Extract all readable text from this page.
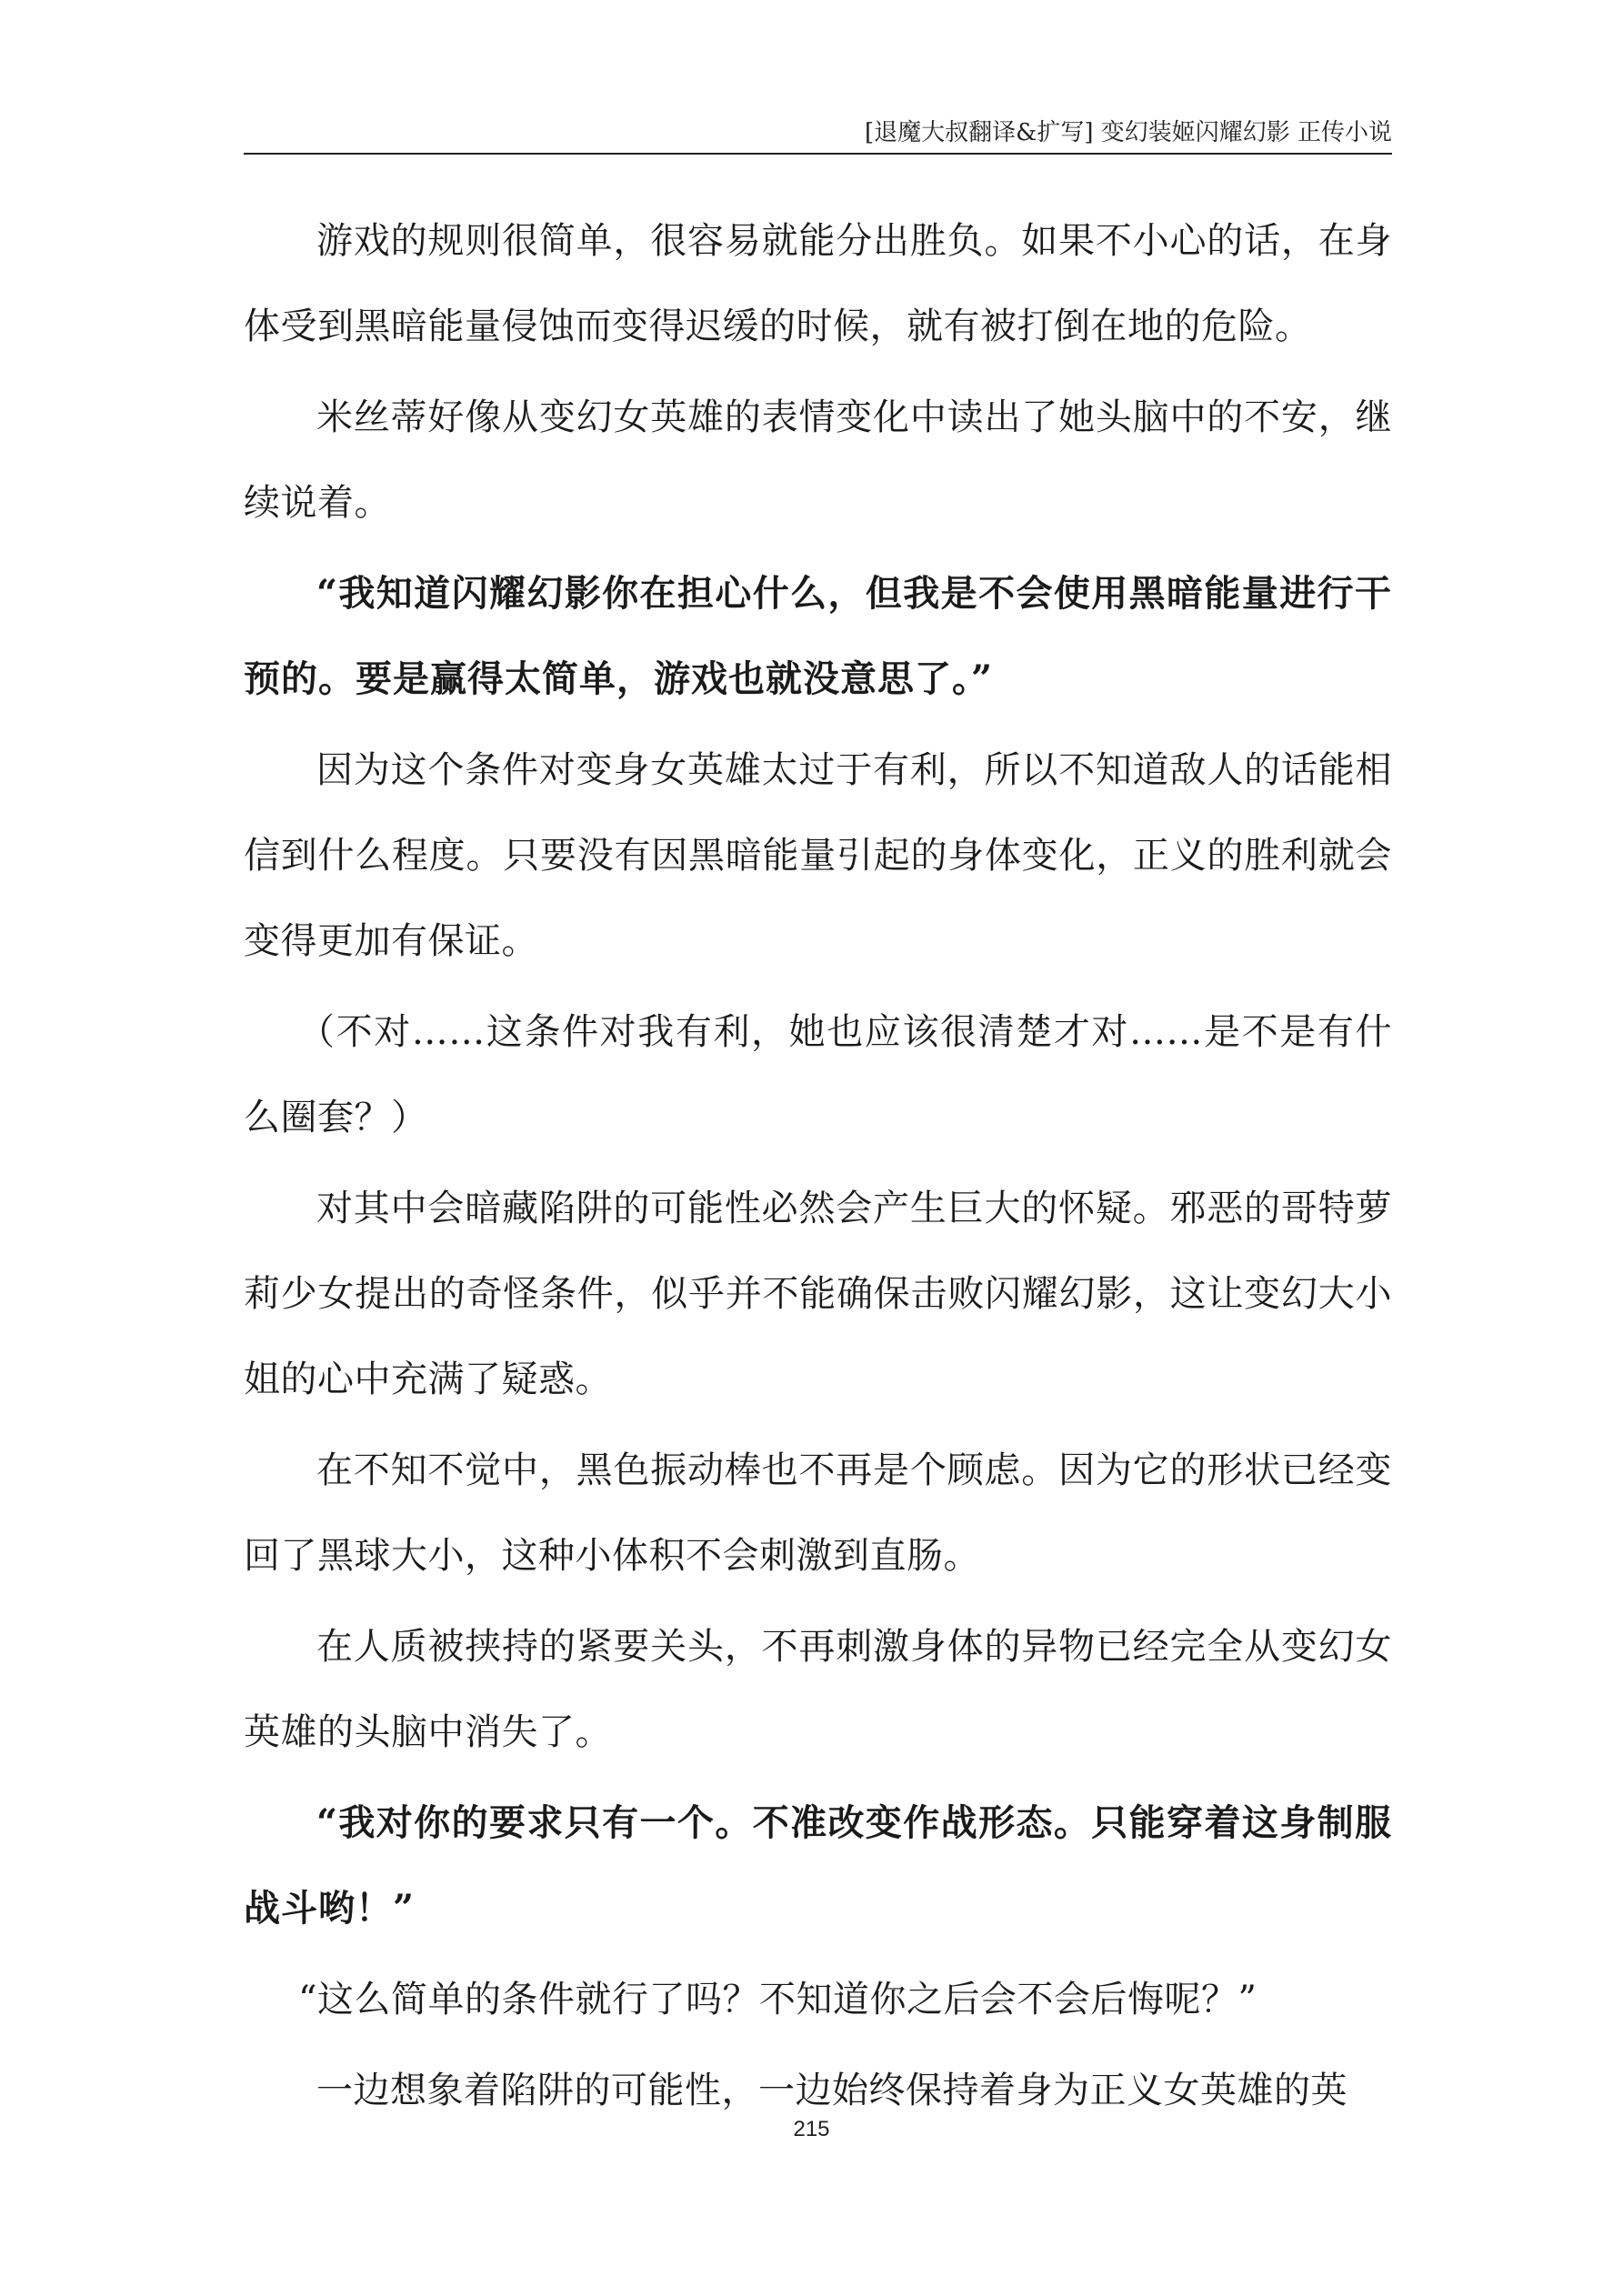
[退魔大叔翻译&扩写] 变幻装姬闪耀幻影 正传小说

游戏的规则很简单，很容易就能分出胜负。如果不小心的话，在身体受到黑暗能量侵蚀而变得迟缓的时候，就有被打倒在地的危险。

米丝蒂好像从变幻女英雄的表情变化中读出了她头脑中的不安，继续说着。

“我知道闪耀幻影你在担心什么，但我是不会使用黑暗能量进行干预的。要是赢得太简单，游戏也就没意思了。”

因为这个条件对变身女英雄太过于有利，所以不知道敌人的话能相信到什么程度。只要没有因黑暗能量引起的身体变化，正义的胜利就会变得更加有保证。

（不对……这条件对我有利，她也应该很清楚才对……是不是有什么圈套？）

对其中会暗藏陷阱的可能性必然会产生巨大的怀疑。邪恶的哥特萝莉少女提出的奇怪条件，似乎并不能确保击败闪耀幻影，这让变幻大小姐的心中充满了疑惑。

在不知不觉中，黑色振动棒也不再是个顾虑。因为它的形状已经变回了黑球大小，这种小体积不会刺激到直肠。

在人质被挟持的紧要关头，不再刺激身体的异物已经完全从变幻女英雄的头脑中消失了。

“我对你的要求只有一个。不准改变作战形态。只能穿着这身制服战斗哟！”

“这么简单的条件就行了吗？不知道你之后会不会后悔呢？”

一边想象着陷阱的可能性，一边始终保持着身为正义女英雄的英

215
